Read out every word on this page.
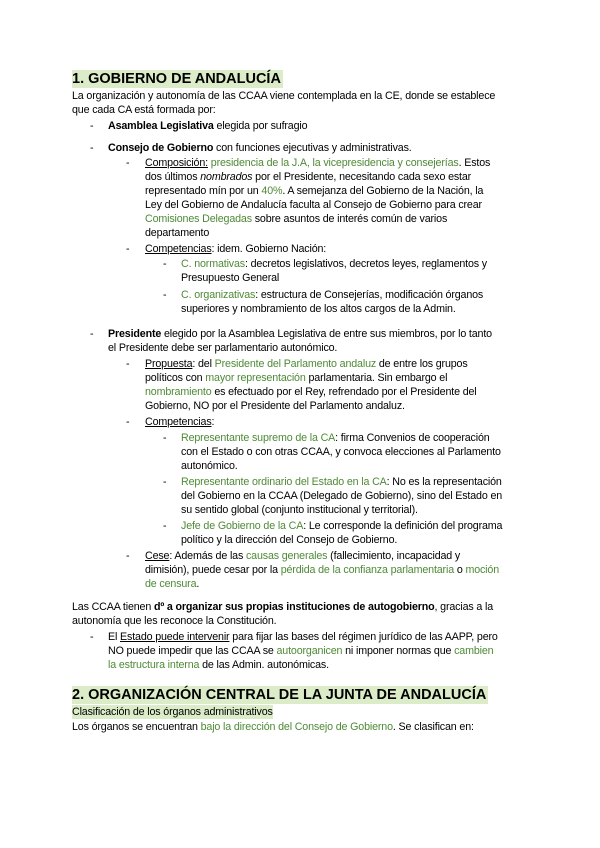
1. GOBIERNO DE ANDALUCÍA
La organización y autonomía de las CCAA viene contemplada en la CE, donde se establece
que cada CA está formada por:
- Asamblea Legislativa elegida por sufragio
- Consejo de Gobierno con funciones ejecutivas y administrativas.
- Composición: presidencia de la J.A, la vicepresidencia y consejerías. Estos
dos últimos nombrados por el Presidente, necesitando cada sexo estar
representado mín por un 40%. A semejanza del Gobierno de la Nación, la
Ley del Gobierno de Andalucía faculta al Consejo de Gobierno para crear
Comisiones Delegadas sobre asuntos de interés común de varios
departamento
- Competencias: idem. Gobierno Nación:
- C. normativas: decretos legislativos, decretos leyes, reglamentos y
Presupuesto General
- C. organizativas: estructura de Consejerías, modificación órganos
superiores y nombramiento de los altos cargos de la Admin.
- Presidente elegido por la Asamblea Legislativa de entre sus miembros, por lo tanto
el Presidente debe ser parlamentario autonómico.
- Propuesta: del Presidente del Parlamento andaluz de entre los grupos
políticos con mayor representación parlamentaria. Sin embargo el
nombramiento es efectuado por el Rey, refrendado por el Presidente del
Gobierno, NO por el Presidente del Parlamento andaluz.
- Competencias:
- Representante supremo de la CA: firma Convenios de cooperación
con el Estado o con otras CCAA, y convoca elecciones al Parlamento
autonómico.
- Representante ordinario del Estado en la CA: No es la representación
del Gobierno en la CCAA (Delegado de Gobierno), sino del Estado en
su sentido global (conjunto institucional y territorial).
- Jefe de Gobierno de la CA: Le corresponde la definición del programa
político y la dirección del Consejo de Gobierno.
- Cese: Además de las causas generales (fallecimiento, incapacidad y
dimisión), puede cesar por la pérdida de la confianza parlamentaria o moción
de censura.
Las CCAA tienen dº a organizar sus propias instituciones de autogobierno, gracias a la
autonomía que les reconoce la Constitución.
- El Estado puede intervenir para fijar las bases del régimen jurídico de las AAPP, pero
NO puede impedir que las CCAA se autoorganicen ni imponer normas que cambien
la estructura interna de las Admin. autonómicas.
2. ORGANIZACIÓN CENTRAL DE LA JUNTA DE ANDALUCÍA
Clasificación de los órganos administrativos
Los órganos se encuentran bajo la dirección del Consejo de Gobierno. Se clasifican en:
